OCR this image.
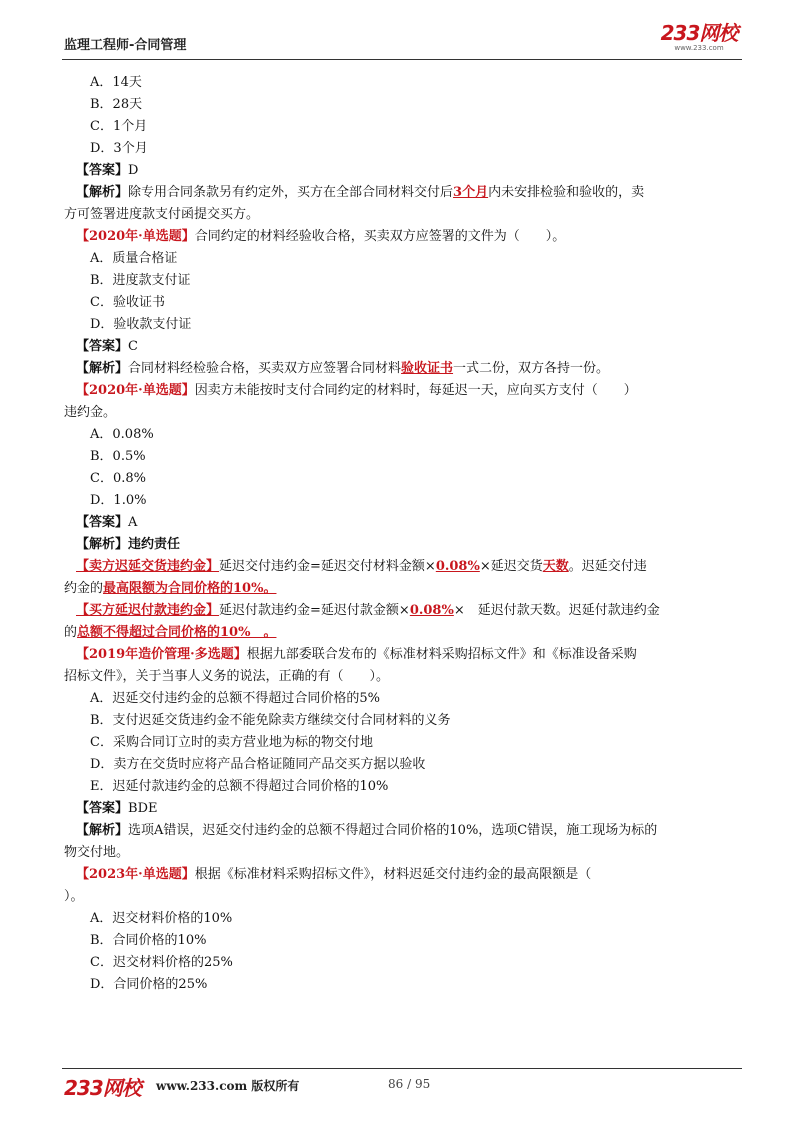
监理工程师-合同管理
233网校
www.233.com
A．14天
B．28天
C．1个月
D．3个月
【答案】D
【解析】除专用合同条款另有约定外，买方在全部合同材料交付后3个月内未安排检验和验收的，卖
方可签署进度款支付函提交买方。
【2020年·单选题】合同约定的材料经验收合格，买卖双方应签署的文件为（　　）。
A．质量合格证
B．进度款支付证
C．验收证书
D．验收款支付证
【答案】C
【解析】合同材料经检验合格，买卖双方应签署合同材料验收证书一式二份，双方各持一份。
【2020年·单选题】因卖方未能按时支付合同约定的材料时，每延迟一天，应向买方支付（　　）
违约金。
A．0.08%
B．0.5%
C．0.8%
D．1.0%
【答案】A
【解析】违约责任
【卖方迟延交货违约金】延迟交付违约金=延迟交付材料金额×0.08%×延迟交货天数。迟延交付违
约金的最高限额为合同价格的10%。
【买方延迟付款违约金】延迟付款违约金=延迟付款金额×0.08%×　延迟付款天数。迟延付款违约金
的总额不得超过合同价格的10%　。
【2019年造价管理·多选题】根据九部委联合发布的《标准材料采购招标文件》和《标准设备采购
招标文件》，关于当事人义务的说法，正确的有（　　）。
A．迟延交付违约金的总额不得超过合同价格的5%
B．支付迟延交货违约金不能免除卖方继续交付合同材料的义务
C．采购合同订立时的卖方营业地为标的物交付地
D．卖方在交货时应将产品合格证随同产品交买方据以验收
E．迟延付款违约金的总额不得超过合同价格的10%
【答案】BDE
【解析】选项A错误，迟延交付违约金的总额不得超过合同价格的10%，选项C错误，施工现场为标的
物交付地。
【2023年·单选题】根据《标准材料采购招标文件》，材料迟延交付违约金的最高限额是（
）。
A．迟交材料价格的10%
B．合同价格的10%
C．迟交材料价格的25%
D．合同价格的25%
233网校 www.233.com 版权所有	86 / 95
